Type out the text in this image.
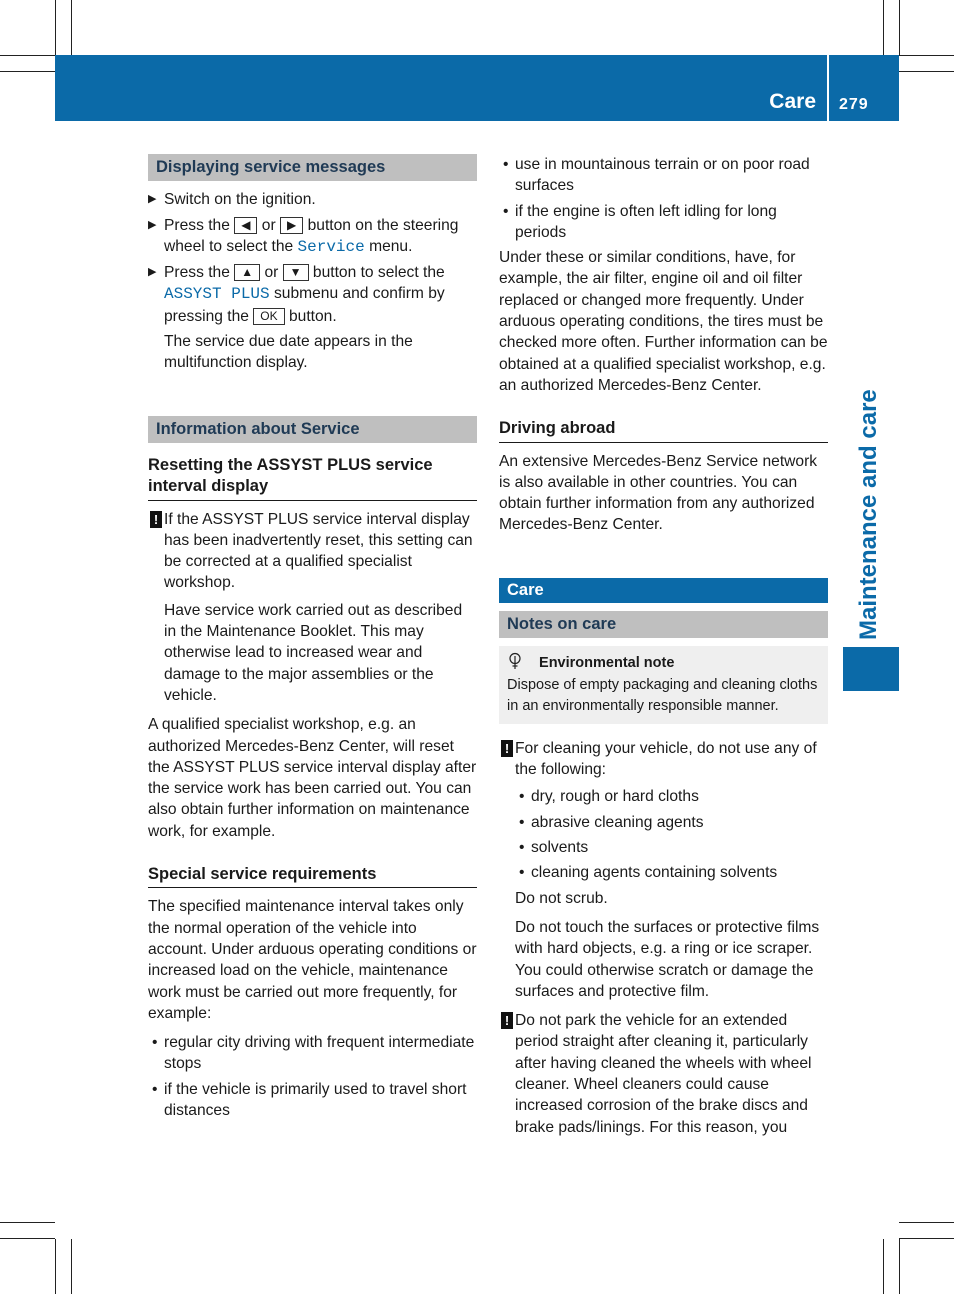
Care 279
Maintenance and care
Displaying service messages
▶ Switch on the ignition.
▶ Press the ◀ or ▶ button on the steering wheel to select the Service menu.
▶ Press the ▲ or ▼ button to select the ASSYST PLUS submenu and confirm by pressing the OK button.

The service due date appears in the multifunction display.

Information about Service
Resetting the ASSYST PLUS service interval display
! If the ASSYST PLUS service interval display has been inadvertently reset, this setting can be corrected at a qualified specialist workshop.

Have service work carried out as described in the Maintenance Booklet. This may otherwise lead to increased wear and damage to the major assemblies or the vehicle.

A qualified specialist workshop, e.g. an authorized Mercedes-Benz Center, will reset the ASSYST PLUS service interval display after the service work has been carried out. You can also obtain further information on maintenance work, for example.

Special service requirements

The specified maintenance interval takes only the normal operation of the vehicle into account. Under arduous operating conditions or increased load on the vehicle, maintenance work must be carried out more frequently, for example:

• regular city driving with frequent intermediate stops
• if the vehicle is primarily used to travel short distances
• use in mountainous terrain or on poor road surfaces
• if the engine is often left idling for long periods

Under these or similar conditions, have, for example, the air filter, engine oil and oil filter replaced or changed more frequently. Under arduous operating conditions, the tires must be checked more often. Further information can be obtained at a qualified specialist workshop, e.g. an authorized Mercedes-Benz Center.

Driving abroad

An extensive Mercedes-Benz Service network is also available in other countries. You can obtain further information from any authorized Mercedes-Benz Center.

Care
Notes on care
Environmental note
Dispose of empty packaging and cleaning cloths in an environmentally responsible manner.
! For cleaning your vehicle, do not use any of the following:
• dry, rough or hard cloths
• abrasive cleaning agents
• solvents
• cleaning agents containing solvents

Do not scrub.

Do not touch the surfaces or protective films with hard objects, e.g. a ring or ice scraper. You could otherwise scratch or damage the surfaces and protective film.

! Do not park the vehicle for an extended period straight after cleaning it, particularly after having cleaned the wheels with wheel cleaner. Wheel cleaners could cause increased corrosion of the brake discs and brake pads/linings. For this reason, you
